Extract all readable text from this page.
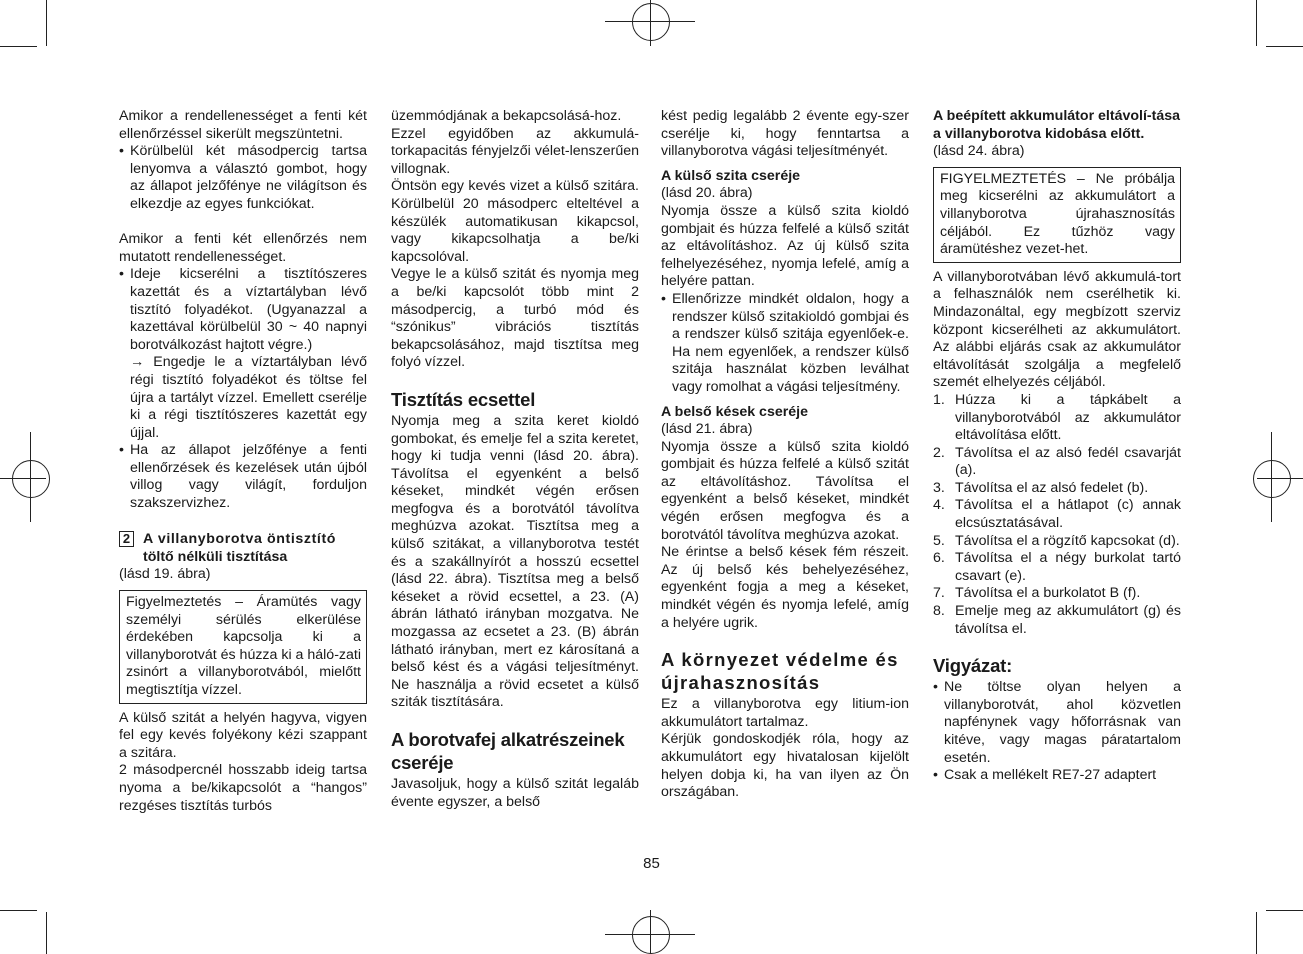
Amikor a rendellenességet a fenti két ellenőrzéssel sikerült megszüntetni.

• Körülbelül két másodpercig tartsa lenyomva a választó gombot, hogy az állapot jelzőfénye ne világítson és elkezdje az egyes funkciókat.

Amikor a fenti két ellenőrzés nem mutatott rendellenességet.

• Ideje kicserélni a tisztítószeres kazettát és a víztartályban lévő tisztító folyadékot. (Ugyanazzal a kazettával körülbelül 30 ~ 40 napnyi borotválkozást hajtott végre.)

→ Engedje le a víztartályban lévő régi tisztító folyadékot és töltse fel újra a tartályt vízzel. Emellett cserélje ki a régi tisztítószeres kazettát egy újjal.

• Ha az állapot jelzőfénye a fenti ellenőrzések és kezelések után újból villog vagy világít, forduljon szakszervizhez.
2 A villanyborotva öntisztító
töltő nélküli tisztítása

(lásd 19. ábra)

Figyelmeztetés – Áramütés vagy személyi sérülés elkerülése érdekében kapcsolja ki a villanyborotvát és húzza ki a háló-zati zsinórt a villanyborotvából, mielőtt megtisztítja vízzel.

A külső szitát a helyén hagyva, vigyen fel egy kevés folyékony kézi szappant a szitára.

2 másodpercnél hosszabb ideig tartsa nyoma a be/kikapcsolót a “hangos” rezgéses tisztítás turbós

üzemmódjának a bekapcsolásá-hoz.

Ezzel egyidőben az akkumulá-torkapacitás fényjelzői vélet-lenszerűen villognak.

Öntsön egy kevés vizet a külső szitára. Körülbelül 20 másodperc elteltével a készülék automatikusan kikapcsol, vagy kikapcsolhatja a be/ki kapcsolóval.

Vegye le a külső szitát és nyomja meg a be/ki kapcsolót több mint 2 másodpercig, a turbó mód és “szónikus” vibrációs tisztítás bekapcsolásához, majd tisztítsa meg folyó vízzel.

Tisztítás ecsettel

Nyomja meg a szita keret kioldó gombokat, és emelje fel a szita keretet, hogy ki tudja venni (lásd 20. ábra). Távolítsa el egyenként a belső késeket, mindkét végén erősen megfogva és a borotvától távolítva meghúzva azokat. Tisztítsa meg a külső szitákat, a villanyborotva testét és a szakállnyírót a hosszú ecsettel (lásd 22. ábra). Tisztítsa meg a belső késeket a rövid ecsettel, a 23. (A) ábrán látható irányban mozgatva. Ne mozgassa az ecsetet a 23. (B) ábrán látható irányban, mert ez károsítaná a belső kést és a vágási teljesítményt. Ne használja a rövid ecsetet a külső sziták tisztítására.

A borotvafej alkatrészeinek cseréje

Javasoljuk, hogy a külső szitát legaláb évente egyszer, a belső

kést pedig legalább 2 évente egy-szer cserélje ki, hogy fenntartsa a villanyborotva vágási teljesítményét.

A külső szita cseréje

(lásd 20. ábra)

Nyomja össze a külső szita kioldó gombjait és húzza felfelé a külső szitát az eltávolításhoz. Az új külső szita felhelyezéséhez, nyomja lefelé, amíg a helyére pattan.

• Ellenőrizze mindkét oldalon, hogy a rendszer külső szitakioldó gombjai és a rendszer külső szitája egyenlőek-e. Ha nem egyenlőek, a rendszer külső szitája használat közben leválhat vagy romolhat a vágási teljesítmény.

A belső kések cseréje

(lásd 21. ábra)

Nyomja össze a külső szita kioldó gombjait és húzza felfelé a külső szitát az eltávolításhoz. Távolítsa el egyenként a belső késeket, mindkét végén erősen megfogva és a borotvától távolítva meghúzva azokat.

Ne érintse a belső kések fém részeit. Az új belső kés behelyezéséhez, egyenként fogja a meg a késeket, mindkét végén és nyomja lefelé, amíg a helyére ugrik.

A környezet védelme és újrahasznosítás

Ez a villanyborotva egy litium-ion akkumulátort tartalmaz.

Kérjük gondoskodjék róla, hogy az akkumulátort egy hivatalosan kijelölt helyen dobja ki, ha van ilyen az Ön országában.

A beépített akkumulátor eltávolí-tása a villanyborotva kidobása előtt.

(lásd 24. ábra)

FIGYELMEZTETÉS – Ne próbálja meg kicserélni az akkumulátort a villanyborotva újrahasznosítás céljából. Ez tűzhöz vagy áramütéshez vezet-het.

A villanyborotvában lévő akkumulá-tort a felhasználók nem cserélhetik ki. Mindazonáltal, egy megbízott szerviz központ kicserélheti az akkumulátort. Az alábbi eljárás csak az akkumulátor eltávolítását szolgálja a megfelelő szemét elhelyezés céljából.

1. Húzza ki a tápkábelt a villanyborotvából az akkumulátor eltávolítása előtt.
2. Távolítsa el az alsó fedél csavarját (a).
3. Távolítsa el az alsó fedelet (b).
4. Távolítsa el a hátlapot (c) annak elcsúsztatásával.
5. Távolítsa el a rögzítő kapcsokat (d).
6. Távolítsa el a négy burkolat tartó csavart (e).
7. Távolítsa el a burkolatot B (f).
8. Emelje meg az akkumulátort (g) és távolítsa el.
Vigyázat:
• Ne töltse olyan helyen a villanyborotvát, ahol közvetlen napfénynek vagy hőforrásnak van kitéve, vagy magas páratartalom esetén.
• Csak a mellékelt RE7-27 adaptert
85
